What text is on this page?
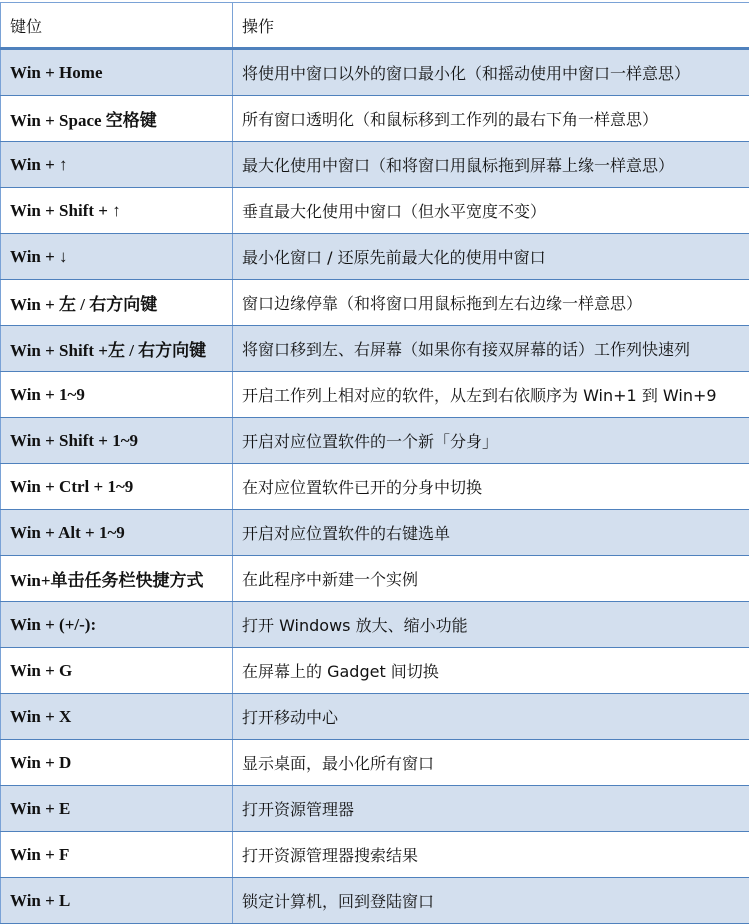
键位	操作
Win + Home	将使用中窗口以外的窗口最小化（和摇动使用中窗口一样意思）
Win + Space 空格键	所有窗口透明化（和鼠标移到工作列的最右下角一样意思）
Win + ↑	最大化使用中窗口（和将窗口用鼠标拖到屏幕上缘一样意思）
Win + Shift + ↑	垂直最大化使用中窗口（但水平宽度不变）
Win + ↓	最小化窗口 / 还原先前最大化的使用中窗口
Win + 左 / 右方向键	窗口边缘停靠（和将窗口用鼠标拖到左右边缘一样意思）
Win + Shift +左 / 右方向键	将窗口移到左、右屏幕（如果你有接双屏幕的话）工作列快速列
Win + 1~9	开启工作列上相对应的软件，从左到右依顺序为 Win+1 到 Win+9
Win + Shift + 1~9	开启对应位置软件的一个新「分身」
Win + Ctrl + 1~9	在对应位置软件已开的分身中切换
Win + Alt + 1~9	开启对应位置软件的右键选单
Win+单击任务栏快捷方式	在此程序中新建一个实例
Win + (+/-):	打开 Windows 放大、缩小功能
Win + G	在屏幕上的 Gadget 间切换
Win + X	打开移动中心
Win + D	显示桌面，最小化所有窗口
Win + E	打开资源管理器
Win + F	打开资源管理器搜索结果
Win + L	锁定计算机，回到登陆窗口
